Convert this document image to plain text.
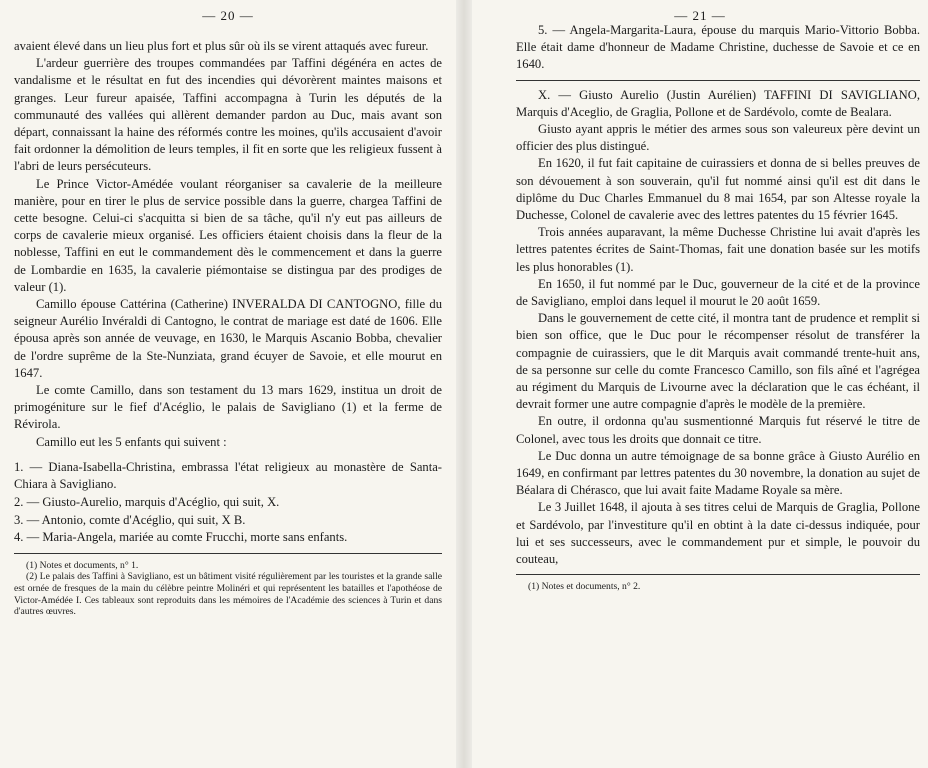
— 20 —

avaient élevé dans un lieu plus fort et plus sûr où ils se virent attaqués avec fureur.

L'ardeur guerrière des troupes commandées par Taffini dégénéra en actes de vandalisme et le résultat en fut des incendies qui dévorèrent maintes maisons et granges. Leur fureur apaisée, Taffini accompagna à Turin les députés de la communauté des vallées qui allèrent demander pardon au Duc, mais avant son départ, connaissant la haine des réformés contre les moines, qu'ils accusaient d'avoir fait ordonner la démolition de leurs temples, il fit en sorte que les religieux fussent à l'abri de leurs persécuteurs.

Le Prince Victor-Amédée voulant réorganiser sa cavalerie de la meilleure manière, pour en tirer le plus de service possible dans la guerre, chargea Taffini de cette besogne. Celui-ci s'acquitta si bien de sa tâche, qu'il n'y eut pas ailleurs de corps de cavalerie mieux organisé. Les officiers étaient choisis dans la fleur de la noblesse, Taffini en eut le commandement dès le commencement et dans la guerre de Lombardie en 1635, la cavalerie piémontaise se distingua par des prodiges de valeur (1).

Camillo épouse Cattérina (Catherine) INVERALDA DI CANTOGNO, fille du seigneur Aurélio Invéraldi di Cantogno, le contrat de mariage est daté de 1606. Elle épousa après son année de veuvage, en 1630, le Marquis Ascanio Bobba, chevalier de l'ordre suprême de la Ste-Nunziata, grand écuyer de Savoie, et elle mourut en 1647.

Le comte Camillo, dans son testament du 13 mars 1629, institua un droit de primogéniture sur le fief d'Acéglio, le palais de Savigliano (1) et la ferme de Révirola.

Camillo eut les 5 enfants qui suivent :

1. — Diana-Isabella-Christina, embrassa l'état religieux au monastère de Santa-Chiara à Savigliano.

2. — Giusto-Aurelio, marquis d'Acéglio, qui suit, X.

3. — Antonio, comte d'Acéglio, qui suit, X B.

4. — Maria-Angela, mariée au comte Frucchi, morte sans enfants.

(1) Notes et documents, n° 1.

(2) Le palais des Taffini à Savigliano, est un bâtiment visité régulièrement par les touristes et la grande salle est ornée de fresques de la main du célèbre peintre Molinéri et qui représentent les batailles et l'apothéose de Victor-Amédée I. Ces tableaux sont reproduits dans les mémoires de l'Académie des sciences à Turin et dans d'autres œuvres.

— 21 —

5. — Angela-Margarita-Laura, épouse du marquis Mario-Vittorio Bobba. Elle était dame d'honneur de Madame Christine, duchesse de Savoie et ce en 1640.

X. — Giusto Aurelio (Justin Aurélien) TAFFINI DI SAVIGLIANO, Marquis d'Aceglio, de Graglia, Pollone et de Sardévolo, comte de Bealara.

Giusto ayant appris le métier des armes sous son valeureux père devint un officier des plus distingué.

En 1620, il fut fait capitaine de cuirassiers et donna de si belles preuves de son dévouement à son souverain, qu'il fut nommé ainsi qu'il est dit dans le diplôme du Duc Charles Emmanuel du 8 mai 1654, par son Altesse royale la Duchesse, Colonel de cavalerie avec des lettres patentes du 15 février 1645.

Trois années auparavant, la même Duchesse Christine lui avait d'après les lettres patentes écrites de Saint-Thomas, fait une donation basée sur les motifs les plus honorables (1).

En 1650, il fut nommé par le Duc, gouverneur de la cité et de la province de Savigliano, emploi dans lequel il mourut le 20 août 1659.

Dans le gouvernement de cette cité, il montra tant de prudence et remplit si bien son office, que le Duc pour le récompenser résolut de transférer la compagnie de cuirassiers, que le dit Marquis avait commandé trente-huit ans, de sa personne sur celle du comte Francesco Camillo, son fils aîné et l'agrégea au régiment du Marquis de Livourne avec la déclaration que le cas échéant, il devrait former une autre compagnie d'après le modèle de la première.

En outre, il ordonna qu'au susmentionné Marquis fut réservé le titre de Colonel, avec tous les droits que donnait ce titre.

Le Duc donna un autre témoignage de sa bonne grâce à Giusto Aurélio en 1649, en confirmant par lettres patentes du 30 novembre, la donation au sujet de Béalara di Chérasco, que lui avait faite Madame Royale sa mère.

Le 3 Juillet 1648, il ajouta à ses titres celui de Marquis de Graglia, Pollone et Sardévolo, par l'investiture qu'il en obtint à la date ci-dessus indiquée, pour lui et ses successeurs, avec le commandement pur et simple, le pouvoir du couteau,

(1) Notes et documents, n° 2.
